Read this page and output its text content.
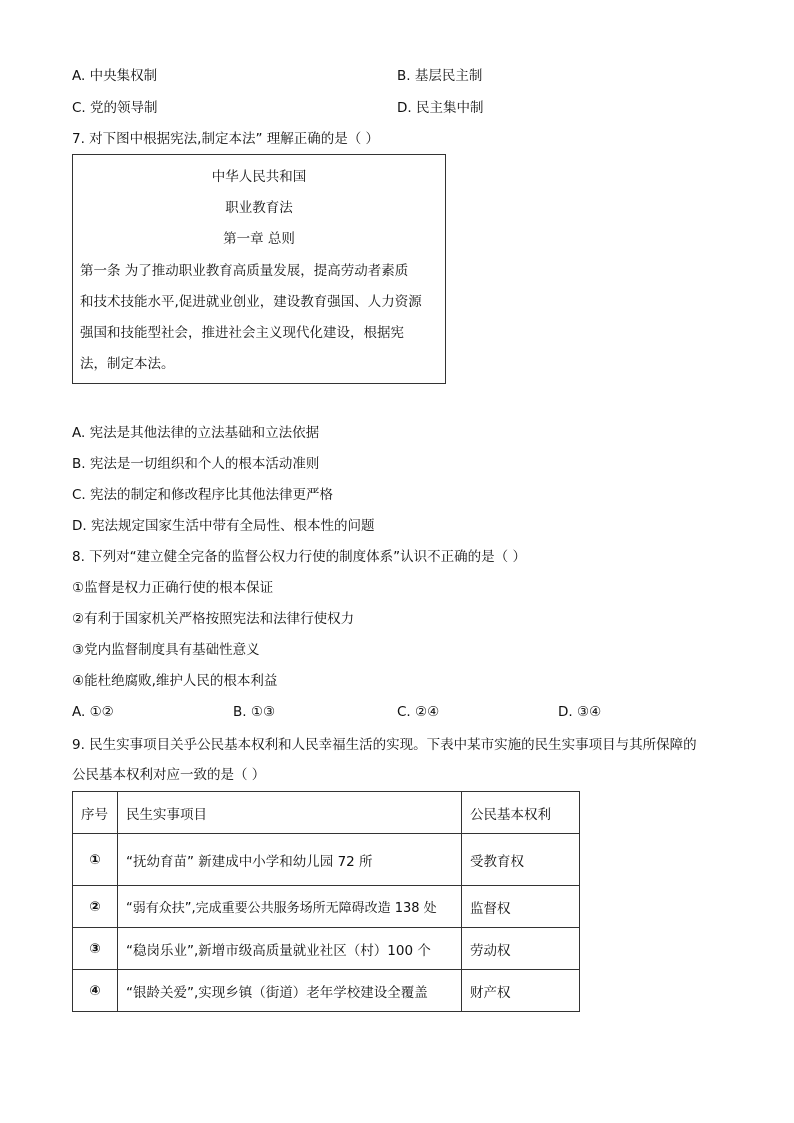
A. 中央集权制	B. 基层民主制
C. 党的领导制	D. 民主集中制
7. 对下图中根据宪法,制定本法” 理解正确的是（ ）
中华人民共和国
职业教育法
第一章 总则
第一条 为了推动职业教育高质量发展，提高劳动者素质
和技术技能水平,促进就业创业，建设教育强国、人力资源
强国和技能型社会，推进社会主义现代化建设，根据宪
法，制定本法。
A. 宪法是其他法律的立法基础和立法依据
B. 宪法是一切组织和个人的根本活动准则
C. 宪法的制定和修改程序比其他法律更严格
D. 宪法规定国家生活中带有全局性、根本性的问题
8. 下列对“建立健全完备的监督公权力行使的制度体系”认识不正确的是（ ）
①监督是权力正确行使的根本保证
②有利于国家机关严格按照宪法和法律行使权力
③党内监督制度具有基础性意义
④能杜绝腐败,维护人民的根本利益
A. ①②	B. ①③	C. ②④	D. ③④
9. 民生实事项目关乎公民基本权利和人民幸福生活的实现。下表中某市实施的民生实事项目与其所保障的
公民基本权利对应一致的是（ ）
序号	民生实事项目	公民基本权利
①	“抚幼育苗” 新建成中小学和幼儿园 72 所	受教育权
②	“弱有众扶”,完成重要公共服务场所无障碍改造 138 处	监督权
③	“稳岗乐业”,新增市级高质量就业社区（村）100 个	劳动权
④	“银龄关爱”,实现乡镇（街道）老年学校建设全覆盖	财产权
